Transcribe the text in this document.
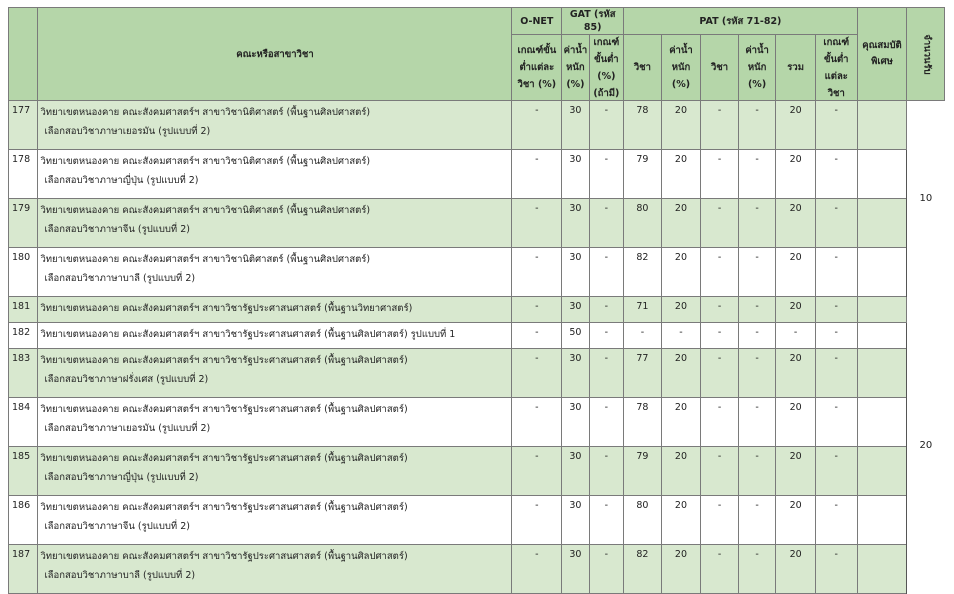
	คณะหรือสาขาวิชา	O-NET	GAT (รหัส 85)		PAT (รหัส 71-82)						คุณสมบัติพิเศษ	จำนวนรับ

		เกณฑ์ขั้นต่ำแต่ละวิชา (%)	ค่าน้ำหนัก (%)	เกณฑ์ขั้นต่ำ (%) (ถ้ามี)	วิชา	ค่าน้ำหนัก (%)	วิชา	ค่าน้ำหนัก (%)	รวม	เกณฑ์ขั้นต่ำแต่ละวิชา		

177	วิทยาเขตหนองคาย คณะสังคมศาสตร์ฯ สาขาวิชานิติศาสตร์ (พื้นฐานศิลปศาสตร์)
เลือกสอบวิชาภาษาเยอรมัน (รูปแบบที่ 2)	-	30	-	78	20	-	-	20	-		10
178	วิทยาเขตหนองคาย คณะสังคมศาสตร์ฯ สาขาวิชานิติศาสตร์ (พื้นฐานศิลปศาสตร์)
เลือกสอบวิชาภาษาญี่ปุ่น (รูปแบบที่ 2)	-	30	-	79	20	-	-	20	-		
179	วิทยาเขตหนองคาย คณะสังคมศาสตร์ฯ สาขาวิชานิติศาสตร์ (พื้นฐานศิลปศาสตร์)
เลือกสอบวิชาภาษาจีน (รูปแบบที่ 2)	-	30	-	80	20	-	-	20	-		
180	วิทยาเขตหนองคาย คณะสังคมศาสตร์ฯ สาขาวิชานิติศาสตร์ (พื้นฐานศิลปศาสตร์)
เลือกสอบวิชาภาษาบาลี (รูปแบบที่ 2)	-	30	-	82	20	-	-	20	-		
181	วิทยาเขตหนองคาย คณะสังคมศาสตร์ฯ สาขาวิชารัฐประศาสนศาสตร์ (พื้นฐานวิทยาศาสตร์)	-	30	-	71	20	-	-	20	-		20
182	วิทยาเขตหนองคาย คณะสังคมศาสตร์ฯ สาขาวิชารัฐประศาสนศาสตร์ (พื้นฐานศิลปศาสตร์) รูปแบบที่ 1	-	50	-	-	-	-	-	-	-		
183	วิทยาเขตหนองคาย คณะสังคมศาสตร์ฯ สาขาวิชารัฐประศาสนศาสตร์ (พื้นฐานศิลปศาสตร์)
เลือกสอบวิชาภาษาฝรั่งเศส (รูปแบบที่ 2)	-	30	-	77	20	-	-	20	-		
184	วิทยาเขตหนองคาย คณะสังคมศาสตร์ฯ สาขาวิชารัฐประศาสนศาสตร์ (พื้นฐานศิลปศาสตร์)
เลือกสอบวิชาภาษาเยอรมัน (รูปแบบที่ 2)	-	30	-	78	20	-	-	20	-		
185	วิทยาเขตหนองคาย คณะสังคมศาสตร์ฯ สาขาวิชารัฐประศาสนศาสตร์ (พื้นฐานศิลปศาสตร์)
เลือกสอบวิชาภาษาญี่ปุ่น (รูปแบบที่ 2)	-	30	-	79	20	-	-	20	-		
186	วิทยาเขตหนองคาย คณะสังคมศาสตร์ฯ สาขาวิชารัฐประศาสนศาสตร์ (พื้นฐานศิลปศาสตร์)
เลือกสอบวิชาภาษาจีน (รูปแบบที่ 2)	-	30	-	80	20	-	-	20	-		
187	วิทยาเขตหนองคาย คณะสังคมศาสตร์ฯ สาขาวิชารัฐประศาสนศาสตร์ (พื้นฐานศิลปศาสตร์)
เลือกสอบวิชาภาษาบาลี (รูปแบบที่ 2)	-	30	-	82	20	-	-	20	-		
